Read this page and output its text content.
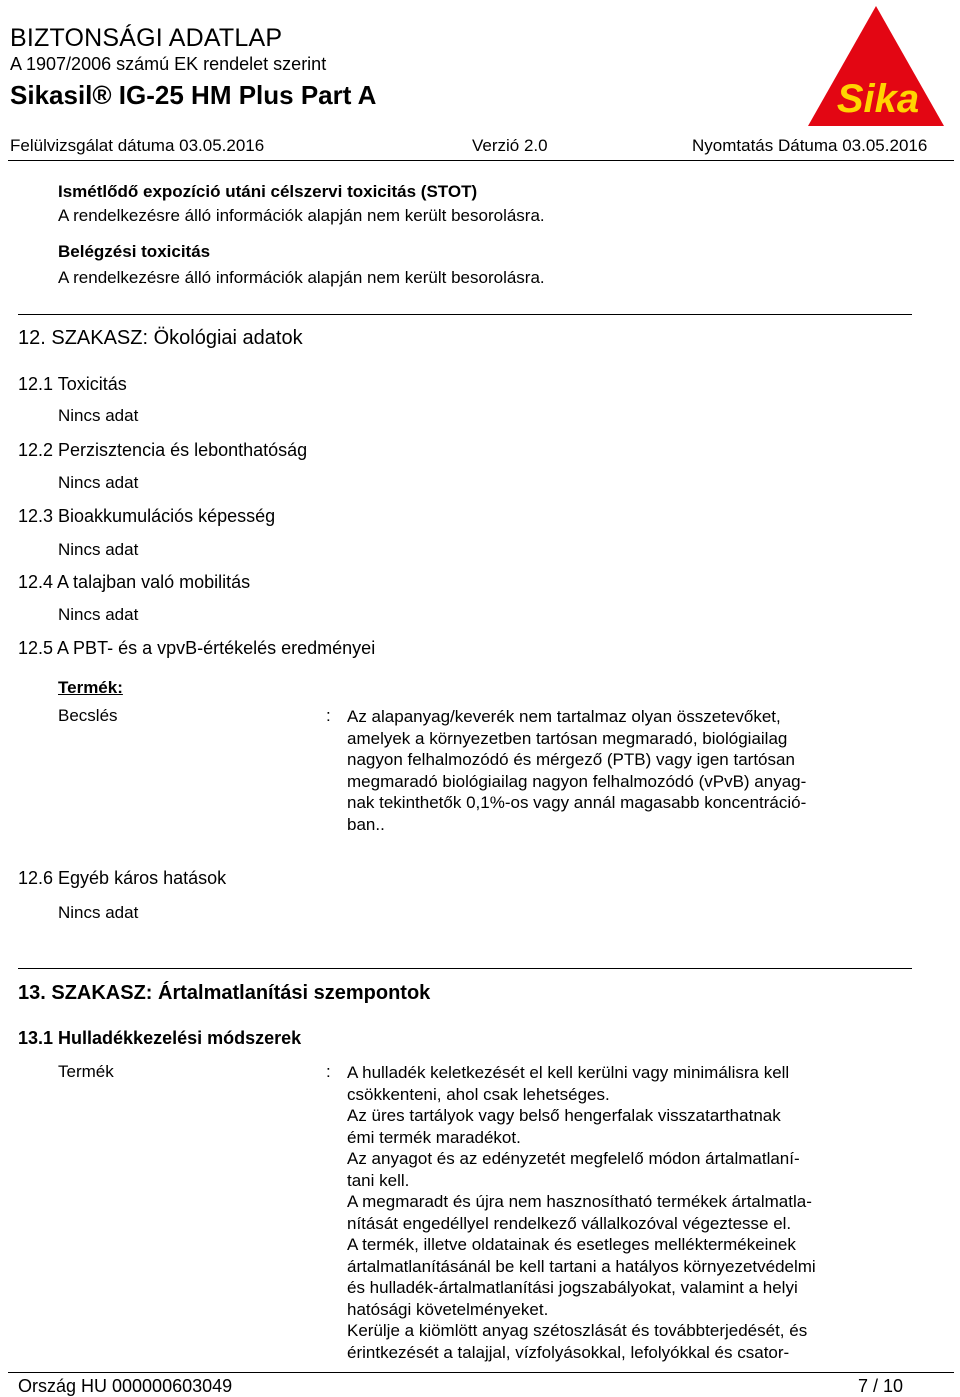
BIZTONSÁGI ADATLAP
A 1907/2006 számú EK rendelet szerint
Sikasil® IG-25 HM Plus Part A	Sika
Felülvizsgálat dátuma 03.05.2016	Verzió 2.0	Nyomtatás Dátuma 03.05.2016
Ismétlődő expozíció utáni célszervi toxicitás (STOT)
A rendelkezésre álló információk alapján nem került besorolásra.
Belégzési toxicitás
A rendelkezésre álló információk alapján nem került besorolásra.
12. SZAKASZ: Ökológiai adatok
12.1 Toxicitás
Nincs adat
12.2 Perzisztencia és lebonthatóság
Nincs adat
12.3 Bioakkumulációs képesség
Nincs adat
12.4 A talajban való mobilitás
Nincs adat
12.5 A PBT- és a vpvB-értékelés eredményei
Termék:
Becslés	: Az alapanyag/keverék nem tartalmaz olyan összetevőket,
amelyek a környezetben tartósan megmaradó, biológiailag
nagyon felhalmozódó és mérgező (PTB) vagy igen tartósan
megmaradó biológiailag nagyon felhalmozódó (vPvB) anyag-
nak tekinthetők 0,1%-os vagy annál magasabb koncentráció-
ban..
12.6 Egyéb káros hatások
Nincs adat
13. SZAKASZ: Ártalmatlanítási szempontok
13.1 Hulladékkezelési módszerek
Termék	: A hulladék keletkezését el kell kerülni vagy minimálisra kell
csökkenteni, ahol csak lehetséges.
Az üres tartályok vagy belső hengerfalak visszatarthatnak
émi termék maradékot.
Az anyagot és az edényzetét megfelelő módon ártalmatlaní-
tani kell.
A megmaradt és újra nem hasznosítható termékek ártalmatla-
nítását engedéllyel rendelkező vállalkozóval végeztesse el.
A termék, illetve oldatainak és esetleges melléktermékeinek
ártalmatlanításánál be kell tartani a hatályos környezetvédelmi
és hulladék-ártalmatlanítási jogszabályokat, valamint a helyi
hatósági követelményeket.
Kerülje a kiömlött anyag szétoszlását és továbbterjedését, és
érintkezését a talajjal, vízfolyásokkal, lefolyókkal és csator-
Ország HU 000000603049	7 / 10
